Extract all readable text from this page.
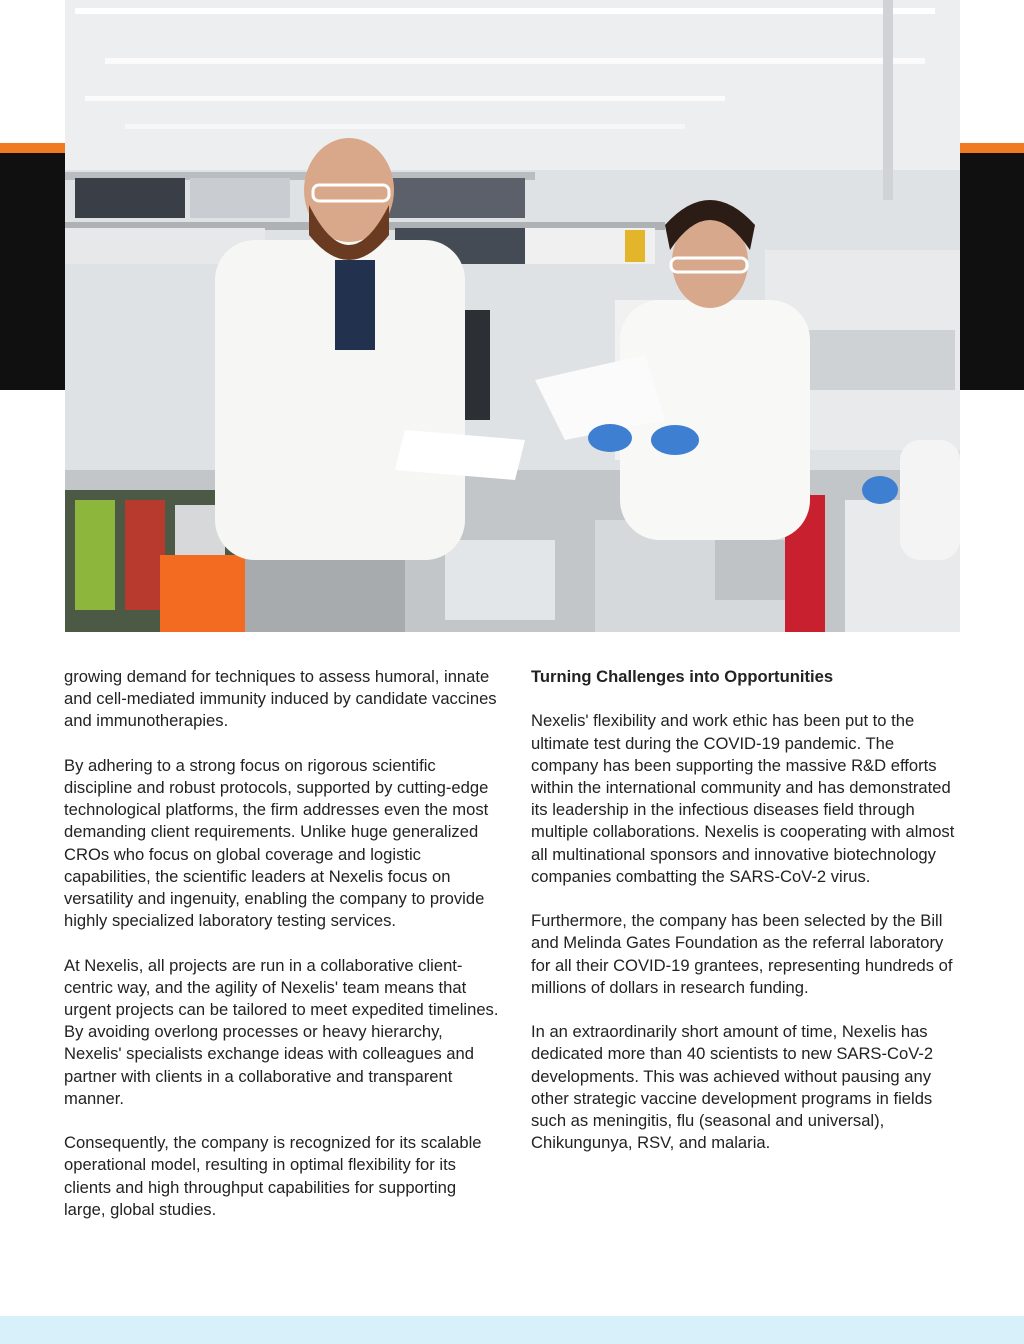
growing demand for techniques to assess humoral, innate and cell-mediated immunity induced by candidate vaccines and immunotherapies.

By adhering to a strong focus on rigorous scientific discipline and robust protocols, supported by cutting-edge technological platforms, the firm addresses even the most demanding client requirements. Unlike huge generalized CROs who focus on global coverage and logistic capabilities, the scientific leaders at Nexelis focus on versatility and ingenuity, enabling the company to provide highly specialized laboratory testing services.

At Nexelis, all projects are run in a collaborative client-centric way, and the agility of Nexelis' team means that urgent projects can be tailored to meet expedited timelines. By avoiding overlong processes or heavy hierarchy, Nexelis' specialists exchange ideas with colleagues and partner with clients in a collaborative and transparent manner.

Consequently, the company is recognized for its scalable operational model, resulting in optimal flexibility for its clients and high throughput capabilities for supporting large, global studies.

Turning Challenges into Opportunities

Nexelis' flexibility and work ethic has been put to the ultimate test during the COVID-19 pandemic. The company has been supporting the massive R&D efforts within the international community and has demonstrated its leadership in the infectious diseases field through multiple collaborations. Nexelis is cooperating with almost all multinational sponsors and innovative biotechnology companies combatting the SARS-CoV-2 virus.

Furthermore, the company has been selected by the Bill and Melinda Gates Foundation as the referral laboratory for all their COVID-19 grantees, representing hundreds of millions of dollars in research funding.

In an extraordinarily short amount of time, Nexelis has dedicated more than 40 scientists to new SARS-CoV-2 developments. This was achieved without pausing any other strategic vaccine development programs in fields such as meningitis, flu (seasonal and universal), Chikungunya, RSV, and malaria.
